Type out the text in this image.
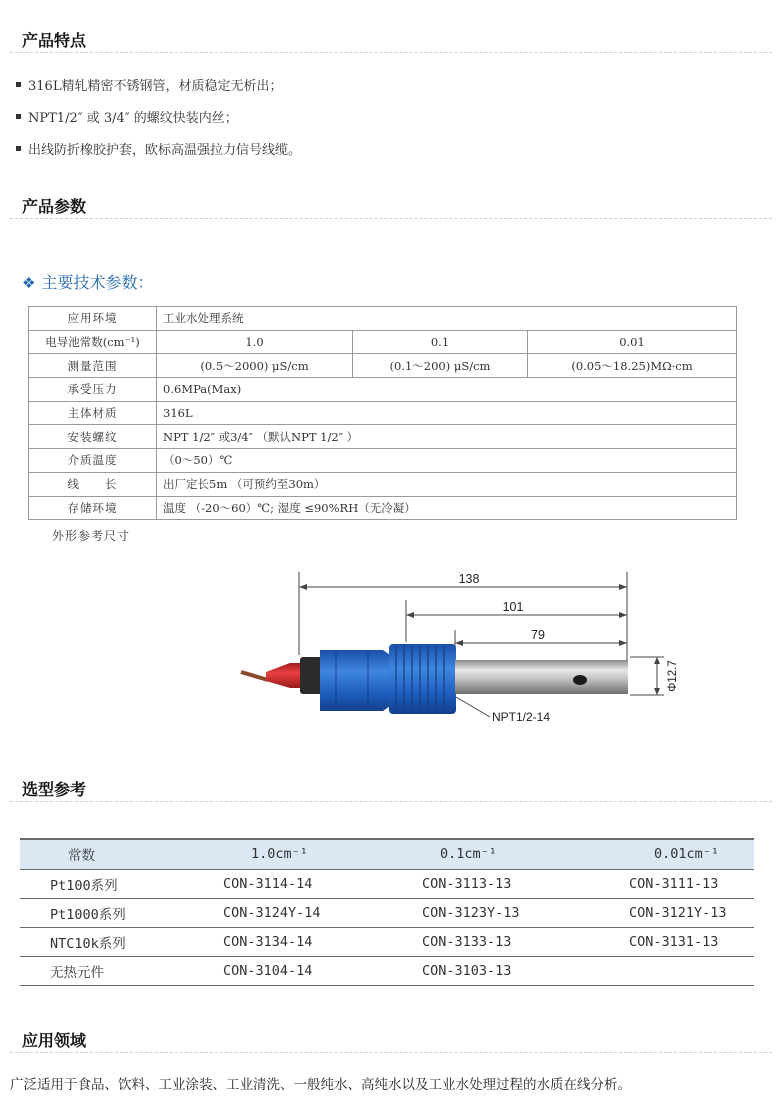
产品特点
316L精轧精密不锈钢管，材质稳定无析出；
NPT1/2″ 或 3/4″ 的螺纹快装内丝；
出线防折橡胶护套，欧标高温强拉力信号线缆。
产品参数
❖ 主要技术参数：
应用环境	工业水处理系统		
电导池常数(cm⁻¹)	1.0	0.1	0.01
测量范围	(0.5～2000) μS/cm	(0.1～200) μS/cm	(0.05～18.25)MΩ·cm
承受压力	0.6MPa(Max)		
主体材质	316L		
安装螺纹	NPT 1/2″ 或3/4″ （默认NPT 1/2″ ）		
介质温度	（0～50）℃		
线　　长	出厂定长5m （可预约至30m）		
存储环境	温度 （-20～60）℃; 湿度 ≤90%RH（无冷凝）		
外形参考尺寸
138
101
79
Φ12.7
NPT1/2-14
选型参考
常数	1.0cm⁻¹	0.1cm⁻¹	0.01cm⁻¹
Pt100系列	CON-3114-14	CON-3113-13	CON-3111-13
Pt1000系列	CON-3124Y-14	CON-3123Y-13	CON-3121Y-13
NTC10k系列	CON-3134-14	CON-3133-13	CON-3131-13
无热元件	CON-3104-14	CON-3103-13	
应用领域
广泛适用于食品、饮料、工业涂装、工业清洗、一般纯水、高纯水以及工业水处理过程的水质在线分析。
